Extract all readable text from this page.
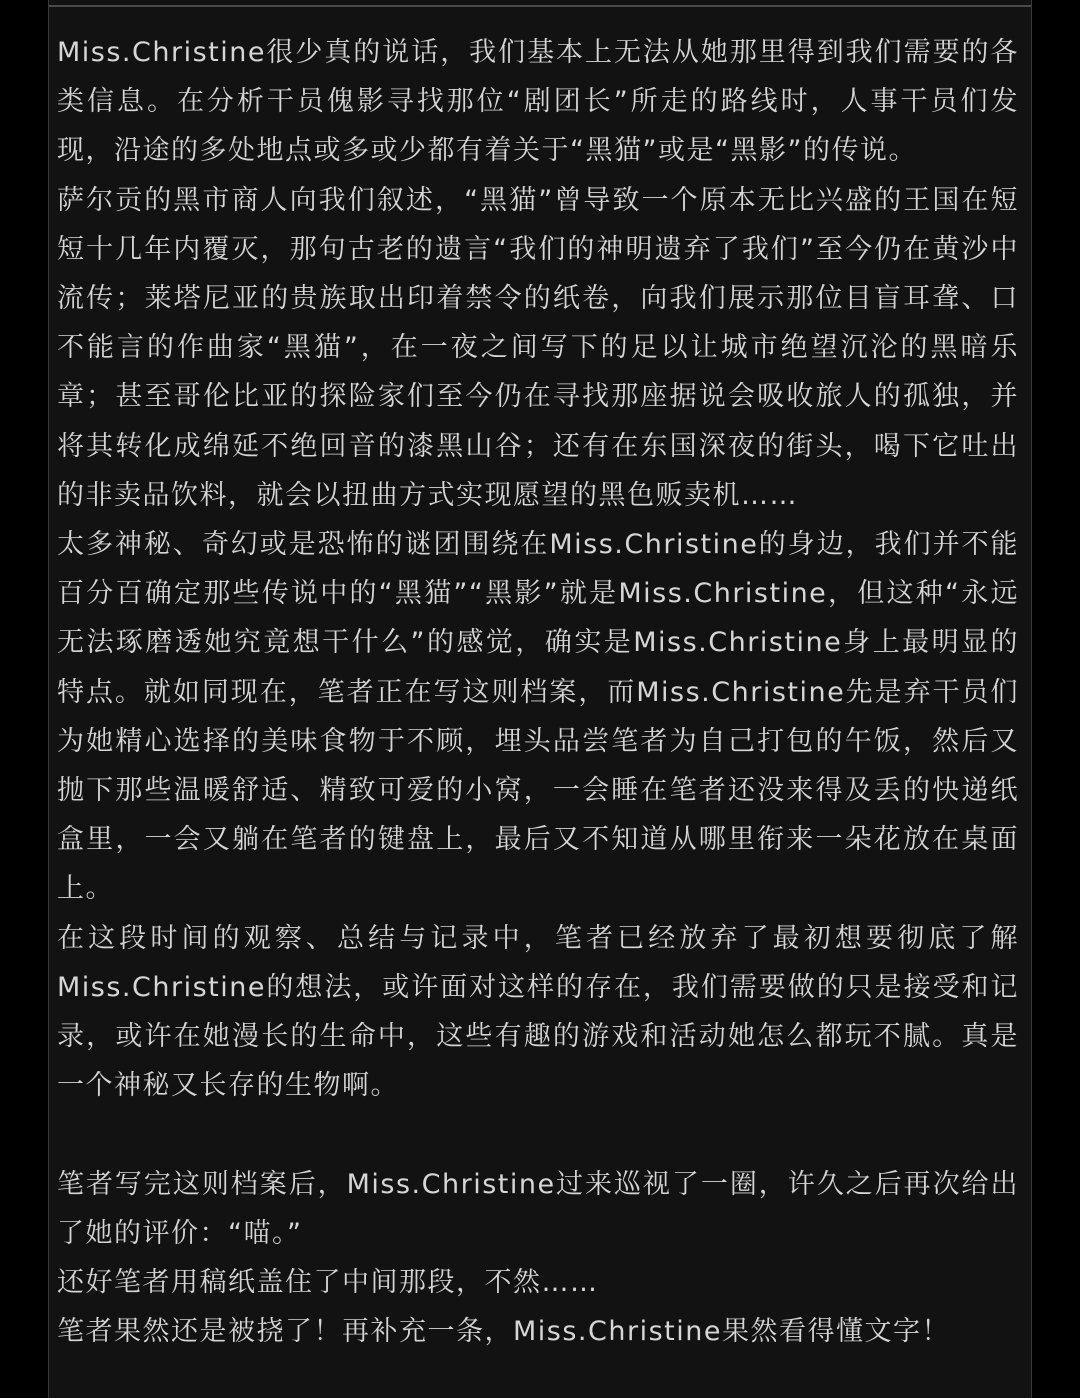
Miss.Christine很少真的说话，我们基本上无法从她那里得到我们需要的各类信息。在分析干员傀影寻找那位“剧团长”所走的路线时，人事干员们发现，沿途的多处地点或多或少都有着关于“黑猫”或是“黑影”的传说。

萨尔贡的黑市商人向我们叙述，“黑猫”曾导致一个原本无比兴盛的王国在短短十几年内覆灭，那句古老的遗言“我们的神明遗弃了我们”至今仍在黄沙中流传；莱塔尼亚的贵族取出印着禁令的纸卷，向我们展示那位目盲耳聋、口不能言的作曲家“黑猫”，在一夜之间写下的足以让城市绝望沉沦的黑暗乐章；甚至哥伦比亚的探险家们至今仍在寻找那座据说会吸收旅人的孤独，并将其转化成绵延不绝回音的漆黑山谷；还有在东国深夜的街头，喝下它吐出的非卖品饮料，就会以扭曲方式实现愿望的黑色贩卖机……

太多神秘、奇幻或是恐怖的谜团围绕在Miss.Christine的身边，我们并不能百分百确定那些传说中的“黑猫”“黑影”就是Miss.Christine，但这种“永远无法琢磨透她究竟想干什么”的感觉，确实是Miss.Christine身上最明显的特点。就如同现在，笔者正在写这则档案，而Miss.Christine先是弃干员们为她精心选择的美味食物于不顾，埋头品尝笔者为自己打包的午饭，然后又抛下那些温暖舒适、精致可爱的小窝，一会睡在笔者还没来得及丢的快递纸盒里，一会又躺在笔者的键盘上，最后又不知道从哪里衔来一朵花放在桌面上。

在这段时间的观察、总结与记录中，笔者已经放弃了最初想要彻底了解Miss.Christine的想法，或许面对这样的存在，我们需要做的只是接受和记录，或许在她漫长的生命中，这些有趣的游戏和活动她怎么都玩不腻。真是一个神秘又长存的生物啊。

笔者写完这则档案后，Miss.Christine过来巡视了一圈，许久之后再次给出了她的评价：“喵。”

还好笔者用稿纸盖住了中间那段，不然……

笔者果然还是被挠了！再补充一条，Miss.Christine果然看得懂文字！
